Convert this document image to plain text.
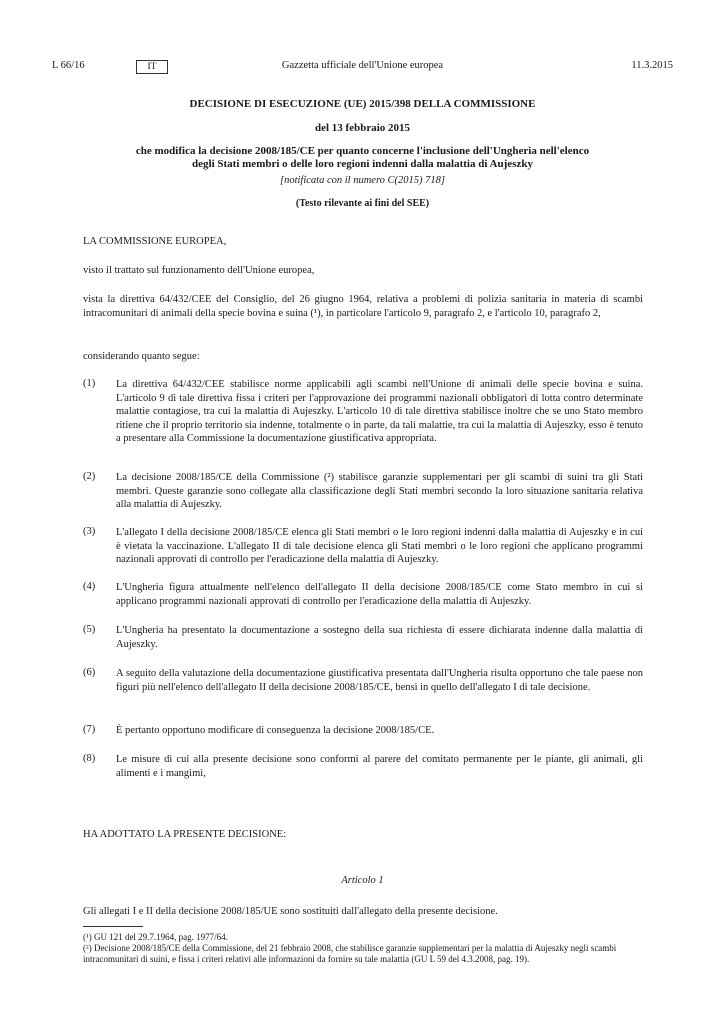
L 66/16	IT	Gazzetta ufficiale dell'Unione europea	11.3.2015
DECISIONE DI ESECUZIONE (UE) 2015/398 DELLA COMMISSIONE
del 13 febbraio 2015
che modifica la decisione 2008/185/CE per quanto concerne l'inclusione dell'Ungheria nell'elenco
degli Stati membri o delle loro regioni indenni dalla malattia di Aujeszky
[notificata con il numero C(2015) 718]
(Testo rilevante ai fini del SEE)
LA COMMISSIONE EUROPEA,
visto il trattato sul funzionamento dell'Unione europea,
vista la direttiva 64/432/CEE del Consiglio, del 26 giugno 1964, relativa a problemi di polizia sanitaria in materia di scambi intracomunitari di animali della specie bovina e suina (¹), in particolare l'articolo 9, paragrafo 2, e l'articolo 10, paragrafo 2,
considerando quanto segue:
(1) La direttiva 64/432/CEE stabilisce norme applicabili agli scambi nell'Unione di animali delle specie bovina e suina. L'articolo 9 di tale direttiva fissa i criteri per l'approvazione dei programmi nazionali obbligatori di lotta contro determinate malattie contagiose, tra cui la malattia di Aujeszky. L'articolo 10 di tale direttiva stabilisce inoltre che se uno Stato membro ritiene che il proprio territorio sia indenne, totalmente o in parte, da tali malattie, tra cui la malattia di Aujeszky, esso è tenuto a presentare alla Commissione la documentazione giustificativa appropriata.
(2) La decisione 2008/185/CE della Commissione (²) stabilisce garanzie supplementari per gli scambi di suini tra gli Stati membri. Queste garanzie sono collegate alla classificazione degli Stati membri secondo la loro situazione sanitaria relativa alla malattia di Aujeszky.
(3) L'allegato I della decisione 2008/185/CE elenca gli Stati membri o le loro regioni indenni dalla malattia di Aujeszky e in cui è vietata la vaccinazione. L'allegato II di tale decisione elenca gli Stati membri o le loro regioni che applicano programmi nazionali approvati di controllo per l'eradicazione della malattia di Aujeszky.
(4) L'Ungheria figura attualmente nell'elenco dell'allegato II della decisione 2008/185/CE come Stato membro in cui si applicano programmi nazionali approvati di controllo per l'eradicazione della malattia di Aujeszky.
(5) L'Ungheria ha presentato la documentazione a sostegno della sua richiesta di essere dichiarata indenne dalla malattia di Aujeszky.
(6) A seguito della valutazione della documentazione giustificativa presentata dall'Ungheria risulta opportuno che tale paese non figuri più nell'elenco dell'allegato II della decisione 2008/185/CE, bensì in quello dell'allegato I di tale decisione.
(7) È pertanto opportuno modificare di conseguenza la decisione 2008/185/CE.
(8) Le misure di cui alla presente decisione sono conformi al parere del comitato permanente per le piante, gli animali, gli alimenti e i mangimi,
HA ADOTTATO LA PRESENTE DECISIONE:
Articolo 1
Gli allegati I e II della decisione 2008/185/UE sono sostituiti dall'allegato della presente decisione.
(¹) GU 121 del 29.7.1964, pag. 1977/64.
(²) Decisione 2008/185/CE della Commissione, del 21 febbraio 2008, che stabilisce garanzie supplementari per la malattia di Aujeszky negli scambi intracomunitari di suini, e fissa i criteri relativi alle informazioni da fornire su tale malattia (GU L 59 del 4.3.2008, pag. 19).
